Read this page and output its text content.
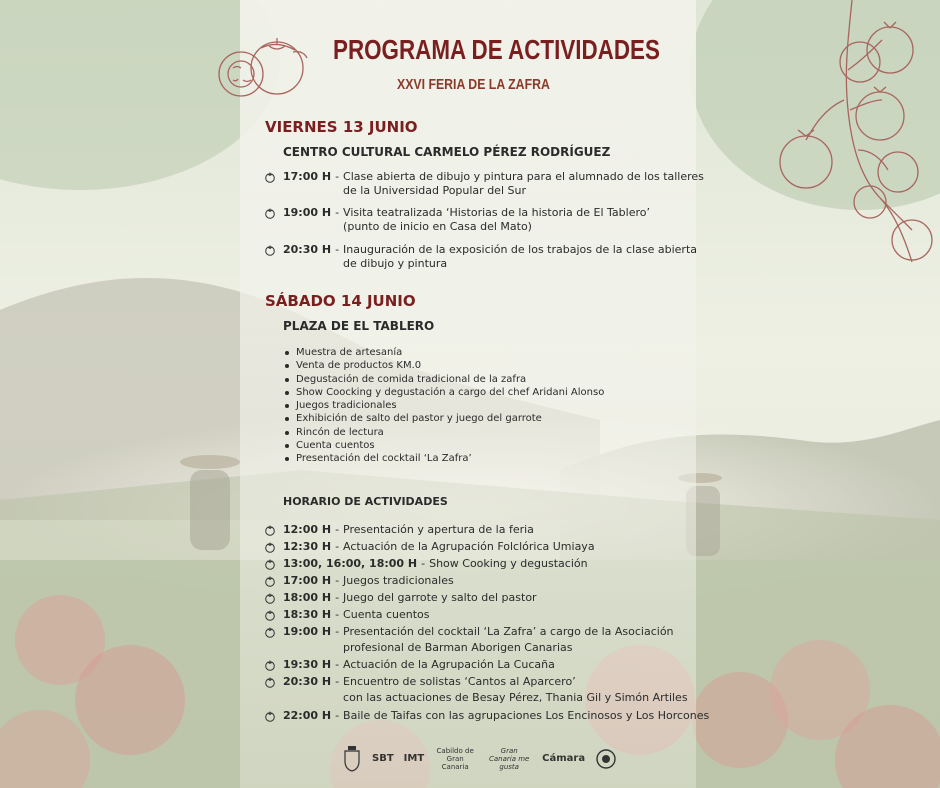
PROGRAMA DE ACTIVIDADES
XXVI FERIA DE LA ZAFRA
VIERNES 13 JUNIO
CENTRO CULTURAL CARMELO PÉREZ RODRÍGUEZ
17:00 H - Clase abierta de dibujo y pintura para el alumnado de los talleres
de la Universidad Popular del Sur
19:00 H - Visita teatralizada ‘Historias de la historia de El Tablero’
(punto de inicio en Casa del Mato)
20:30 H - Inauguración de la exposición de los trabajos de la clase abierta
de dibujo y pintura
SÁBADO 14 JUNIO
PLAZA DE EL TABLERO
Muestra de artesanía
Venta de productos KM.0
Degustación de comida tradicional de la zafra
Show Coocking y degustación a cargo del chef Aridani Alonso
Juegos tradicionales
Exhibición de salto del pastor y juego del garrote
Rincón de lectura
Cuenta cuentos
Presentación del cocktail ‘La Zafra’
HORARIO DE ACTIVIDADES
12:00 H - Presentación y apertura de la feria
12:30 H - Actuación de la Agrupación Folclórica Umiaya
13:00, 16:00, 18:00 H - Show Cooking y degustación
17:00 H - Juegos tradicionales
18:00 H - Juego del garrote y salto del pastor
18:30 H - Cuenta cuentos
19:00 H - Presentación del cocktail ‘La Zafra’ a cargo de la Asociación
profesional de Barman Aborigen Canarias
19:30 H - Actuación de la Agrupación La Cucaña
20:30 H - Encuentro de solistas ‘Cantos al Aparcero’
con las actuaciones de Besay Pérez, Thania Gil y Simón Artiles
22:00 H - Baile de Taifas con las agrupaciones Los Encinosos y Los Horcones
SBT IMT
Cabildo de Gran Canaria
Gran Canaria me gusta
Cámara
